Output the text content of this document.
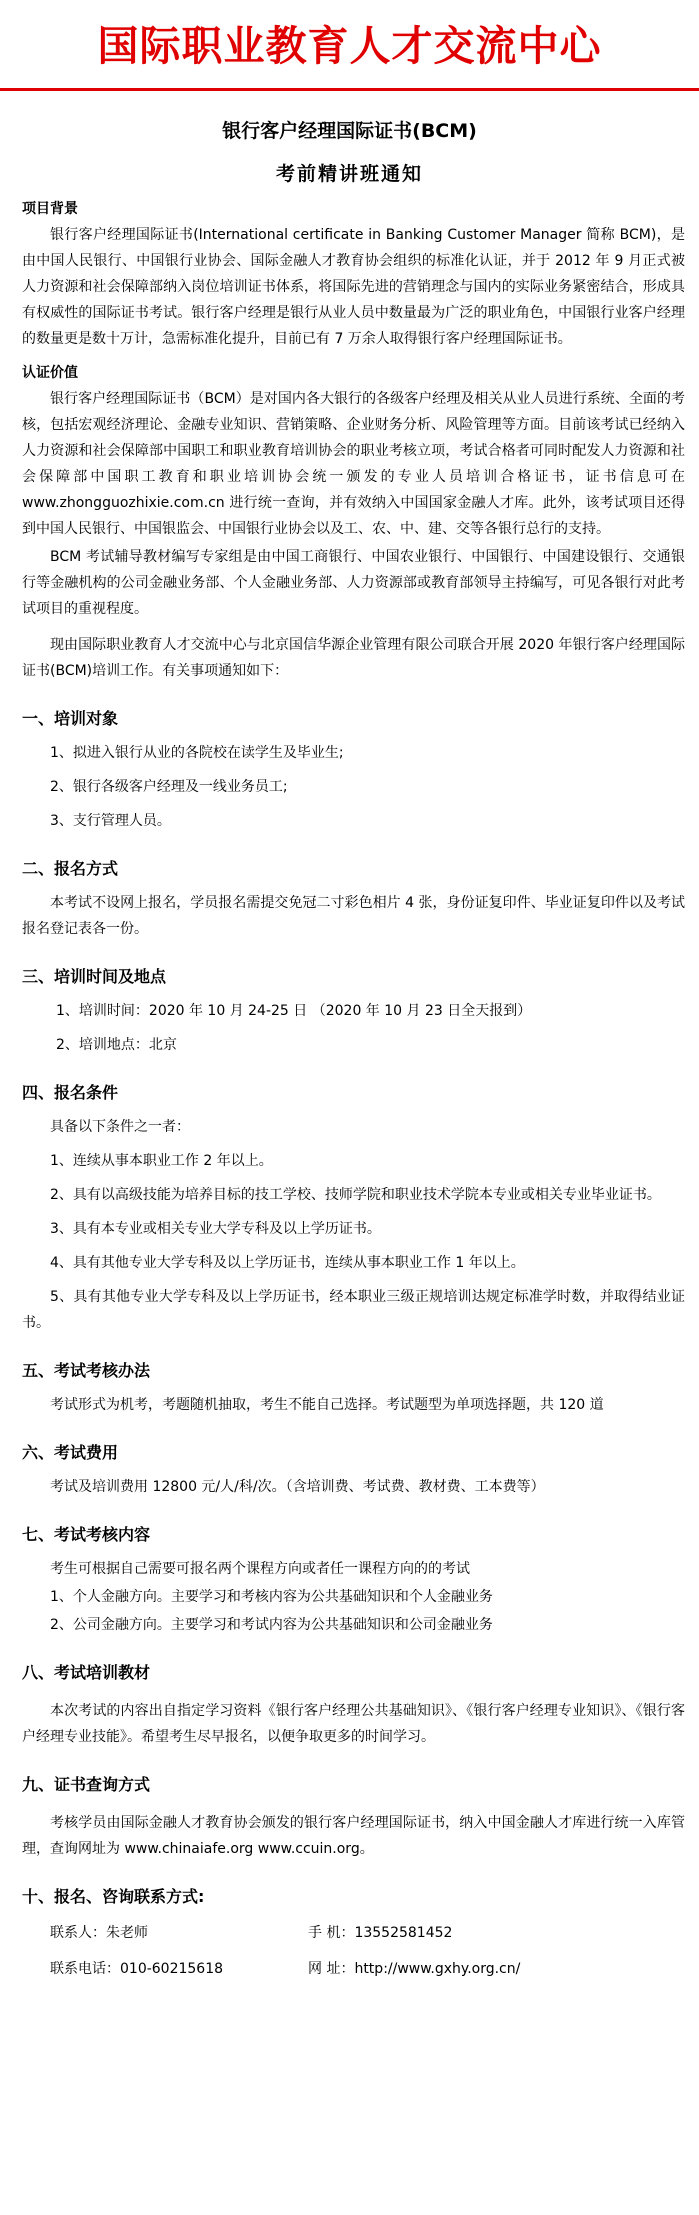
国际职业教育人才交流中心
银行客户经理国际证书(BCM)
考前精讲班通知
项目背景

银行客户经理国际证书(International certificate in Banking Customer Manager 简称 BCM)，是由中国人民银行、中国银行业协会、国际金融人才教育协会组织的标准化认证，并于 2012 年 9 月正式被人力资源和社会保障部纳入岗位培训证书体系，将国际先进的营销理念与国内的实际业务紧密结合，形成具有权威性的国际证书考试。银行客户经理是银行从业人员中数量最为广泛的职业角色，中国银行业客户经理的数量更是数十万计，急需标准化提升，目前已有 7 万余人取得银行客户经理国际证书。

认证价值

银行客户经理国际证书（BCM）是对国内各大银行的各级客户经理及相关从业人员进行系统、全面的考核，包括宏观经济理论、金融专业知识、营销策略、企业财务分析、风险管理等方面。目前该考试已经纳入人力资源和社会保障部中国职工和职业教育培训协会的职业考核立项，考试合格者可同时配发人力资源和社会保障部中国职工教育和职业培训协会统一颁发的专业人员培训合格证书，证书信息可在 www.zhongguozhixie.com.cn 进行统一查询，并有效纳入中国国家金融人才库。此外，该考试项目还得到中国人民银行、中国银监会、中国银行业协会以及工、农、中、建、交等各银行总行的支持。

BCM 考试辅导教材编写专家组是由中国工商银行、中国农业银行、中国银行、中国建设银行、交通银行等金融机构的公司金融业务部、个人金融业务部、人力资源部或教育部领导主持编写，可见各银行对此考试项目的重视程度。

现由国际职业教育人才交流中心与北京国信华源企业管理有限公司联合开展 2020 年银行客户经理国际证书(BCM)培训工作。有关事项通知如下：

一、培训对象
1、拟进入银行从业的各院校在读学生及毕业生;
2、银行各级客户经理及一线业务员工;
3、支行管理人员。
二、报名方式

本考试不设网上报名，学员报名需提交免冠二寸彩色相片 4 张，身份证复印件、毕业证复印件以及考试报名登记表各一份。

三、培训时间及地点
1、培训时间：2020 年 10 月 24-25 日 （2020 年 10 月 23 日全天报到）
2、培训地点：北京
四、报名条件
具备以下条件之一者：
1、连续从事本职业工作 2 年以上。
2、具有以高级技能为培养目标的技工学校、技师学院和职业技术学院本专业或相关专业毕业证书。
3、具有本专业或相关专业大学专科及以上学历证书。
4、具有其他专业大学专科及以上学历证书，连续从事本职业工作 1 年以上。
5、具有其他专业大学专科及以上学历证书，经本职业三级正规培训达规定标准学时数，并取得结业证书。
五、考试考核办法

考试形式为机考，考题随机抽取，考生不能自己选择。考试题型为单项选择题，共 120 道

六、考试费用
考试及培训费用 12800 元/人/科/次。（含培训费、考试费、教材费、工本费等）
七、考试考核内容
考生可根据自己需要可报名两个课程方向或者任一课程方向的的考试
1、个人金融方向。主要学习和考核内容为公共基础知识和个人金融业务
2、公司金融方向。主要学习和考试内容为公共基础知识和公司金融业务
八、考试培训教材

本次考试的内容出自指定学习资料《银行客户经理公共基础知识》、《银行客户经理专业知识》、《银行客户经理专业技能》。希望考生尽早报名，以便争取更多的时间学习。

九、证书查询方式

考核学员由国际金融人才教育协会颁发的银行客户经理国际证书，纳入中国金融人才库进行统一入库管理，查询网址为 www.chinaiafe.org www.ccuin.org。

十、报名、咨询联系方式:
联系人：朱老师	手 机：13552581452
联系电话：010-60215618	网 址：http://www.gxhy.org.cn/
